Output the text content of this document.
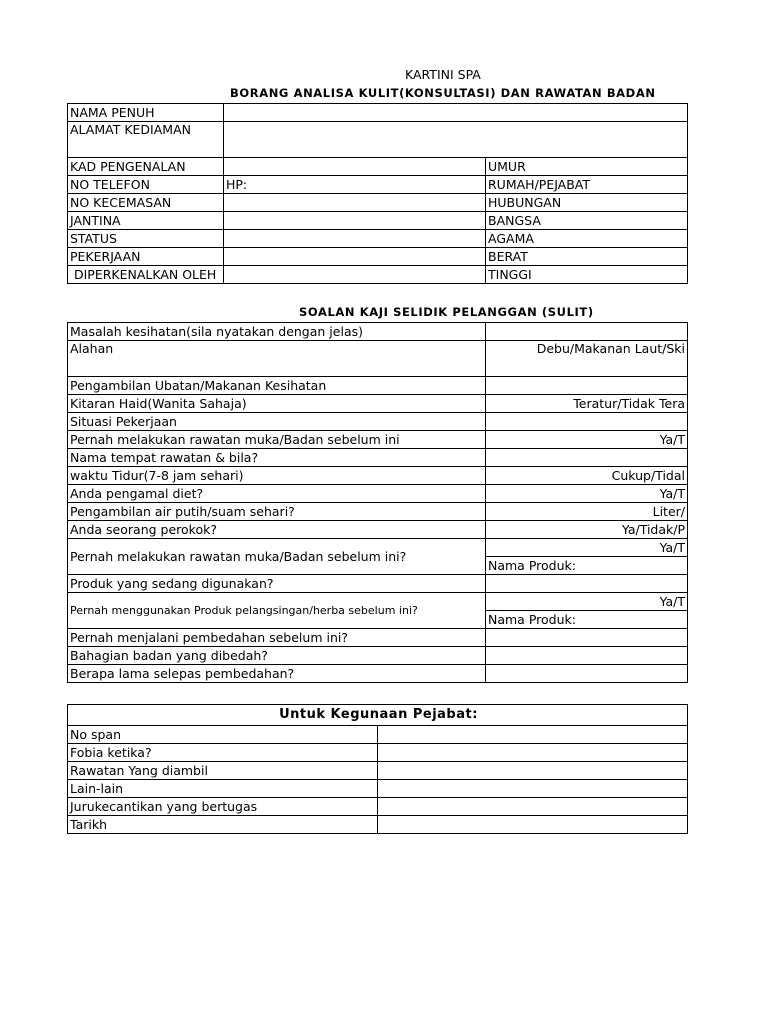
KARTINI SPA
BORANG ANALISA KULIT(KONSULTASI) DAN RAWATAN BADAN
NAMA PENUH		
ALAMAT KEDIAMAN		
KAD PENGENALAN		UMUR
NO TELEFON	HP:	RUMAH/PEJABAT
NO KECEMASAN		HUBUNGAN
JANTINA		BANGSA
STATUS		AGAMA
PEKERJAAN		BERAT
DIPERKENALKAN OLEH		TINGGI
SOALAN KAJI SELIDIK PELANGGAN (SULIT)
Masalah kesihatan(sila nyatakan dengan jelas)	
Alahan	Debu/Makanan Laut/Ski
Pengambilan Ubatan/Makanan Kesihatan	
Kitaran Haid(Wanita Sahaja)	Teratur/Tidak Tera
Situasi Pekerjaan	
Pernah melakukan rawatan muka/Badan sebelum ini	Ya/T
Nama tempat rawatan & bila?	
waktu Tidur(7-8 jam sehari)	Cukup/Tidal
Anda pengamal diet?	Ya/T
Pengambilan air putih/suam sehari?	Liter/
Anda seorang perokok?	Ya/Tidak/P
Pernah melakukan rawatan muka/Badan sebelum ini?	Ya/T
	Nama Produk:
Produk yang sedang digunakan?	
Pernah menggunakan Produk pelangsingan/herba sebelum ini?	Ya/T
	Nama Produk:
Pernah menjalani pembedahan sebelum ini?	
Bahagian badan yang dibedah?	
Berapa lama selepas pembedahan?	
Untuk Kegunaan Pejabat:	
No span	
Fobia ketika?	
Rawatan Yang diambil	
Lain-lain	
Jurukecantikan yang bertugas	
Tarikh	
